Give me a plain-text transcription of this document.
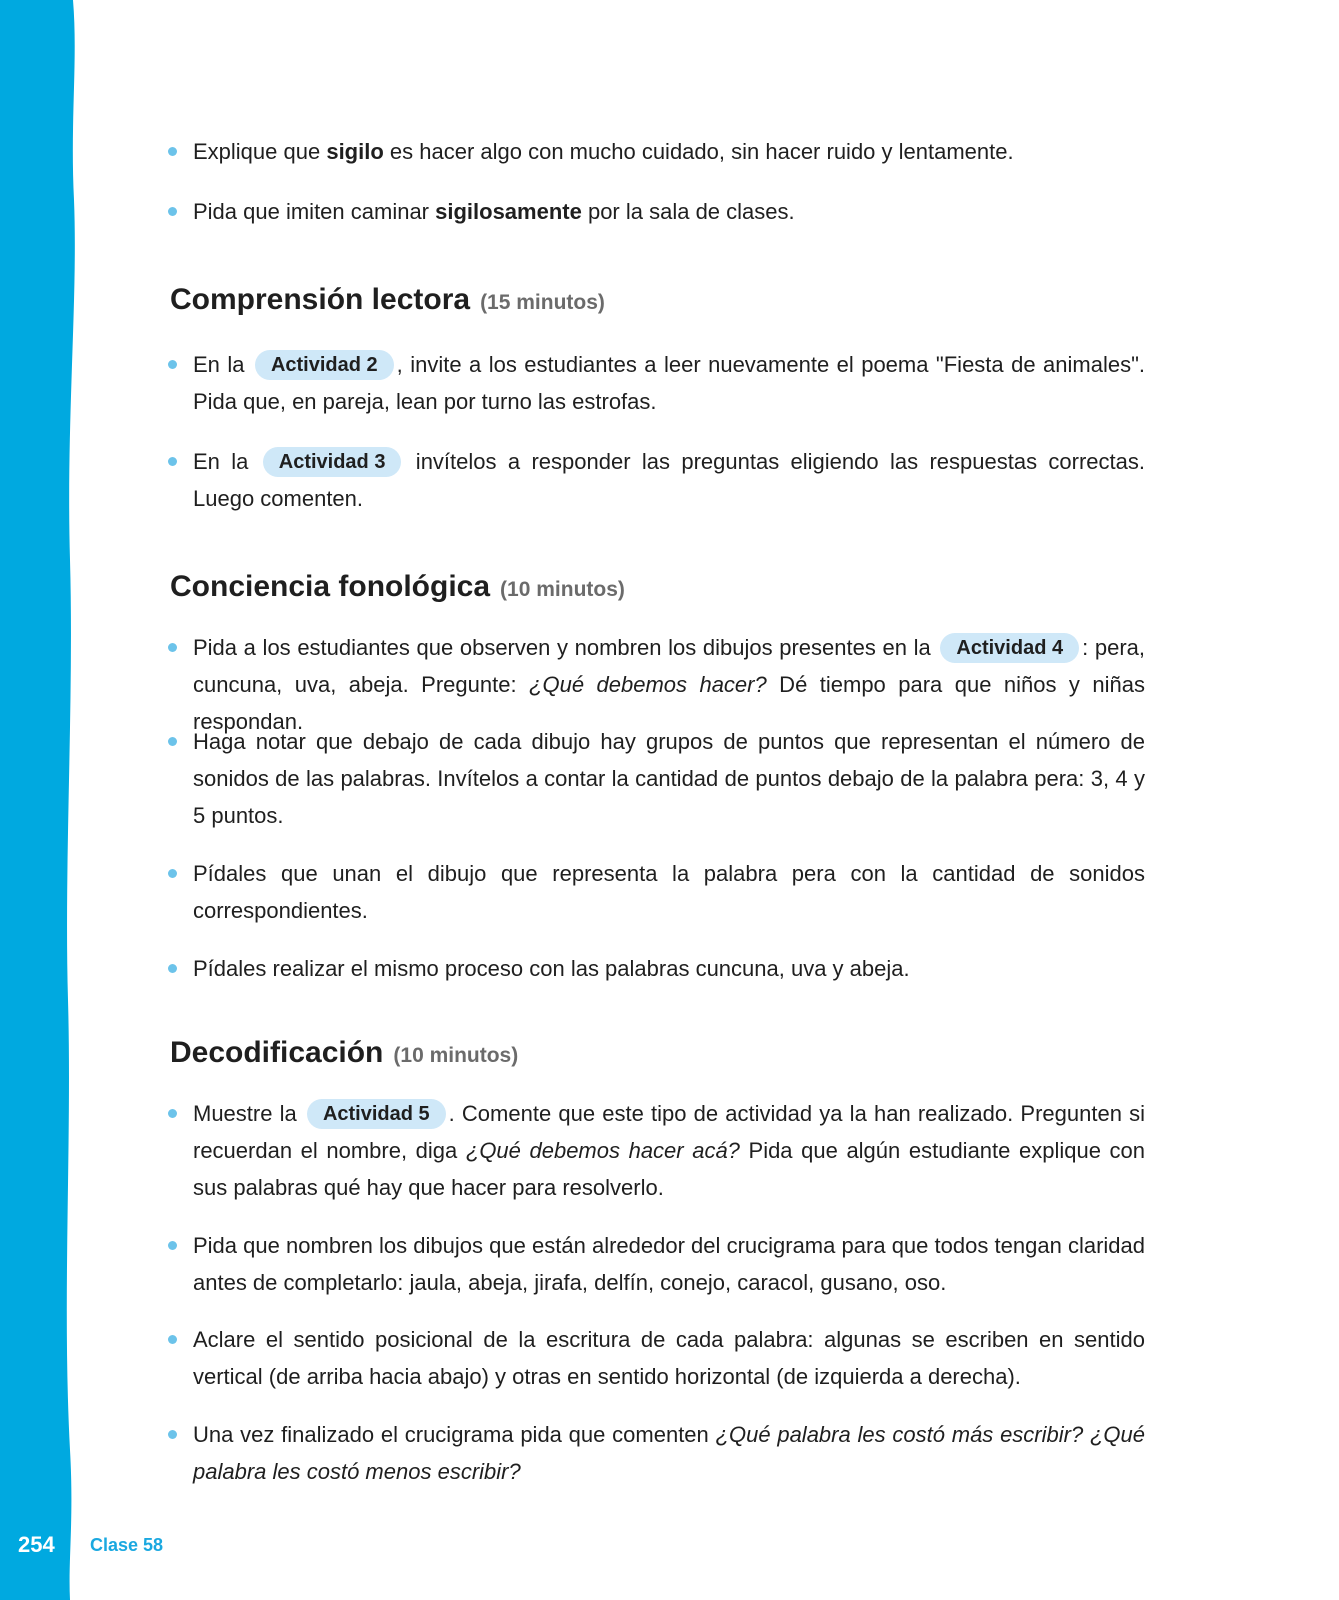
254 Clase 58
Explique que sigilo es hacer algo con mucho cuidado, sin hacer ruido y lentamente.
Pida que imiten caminar sigilosamente por la sala de clases.
Comprensión lectora (15 minutos)
En la Actividad 2 , invite a los estudiantes a leer nuevamente el poema "Fiesta de animales". Pida que, en pareja, lean por turno las estrofas.
En la Actividad 3 invítelos a responder las preguntas eligiendo las respuestas correctas. Luego comenten.
Conciencia fonológica (10 minutos)
Pida a los estudiantes que observen y nombren los dibujos presentes en la Actividad 4 : pera, cuncuna, uva, abeja. Pregunte: ¿Qué debemos hacer? Dé tiempo para que niños y niñas respondan.
Haga notar que debajo de cada dibujo hay grupos de puntos que representan el número de sonidos de las palabras. Invítelos a contar la cantidad de puntos debajo de la palabra pera: 3, 4 y 5 puntos.
Pídales que unan el dibujo que representa la palabra pera con la cantidad de sonidos correspondientes.
Pídales realizar el mismo proceso con las palabras cuncuna, uva y abeja.
Decodificación (10 minutos)
Muestre la Actividad 5 . Comente que este tipo de actividad ya la han realizado. Pregunten si recuerdan el nombre, diga ¿Qué debemos hacer acá? Pida que algún estudiante explique con sus palabras qué hay que hacer para resolverlo.
Pida que nombren los dibujos que están alrededor del crucigrama para que todos tengan claridad antes de completarlo: jaula, abeja, jirafa, delfín, conejo, caracol, gusano, oso.
Aclare el sentido posicional de la escritura de cada palabra: algunas se escriben en sentido vertical (de arriba hacia abajo) y otras en sentido horizontal (de izquierda a derecha).
Una vez finalizado el crucigrama pida que comenten ¿Qué palabra les costó más escribir? ¿Qué palabra les costó menos escribir?
